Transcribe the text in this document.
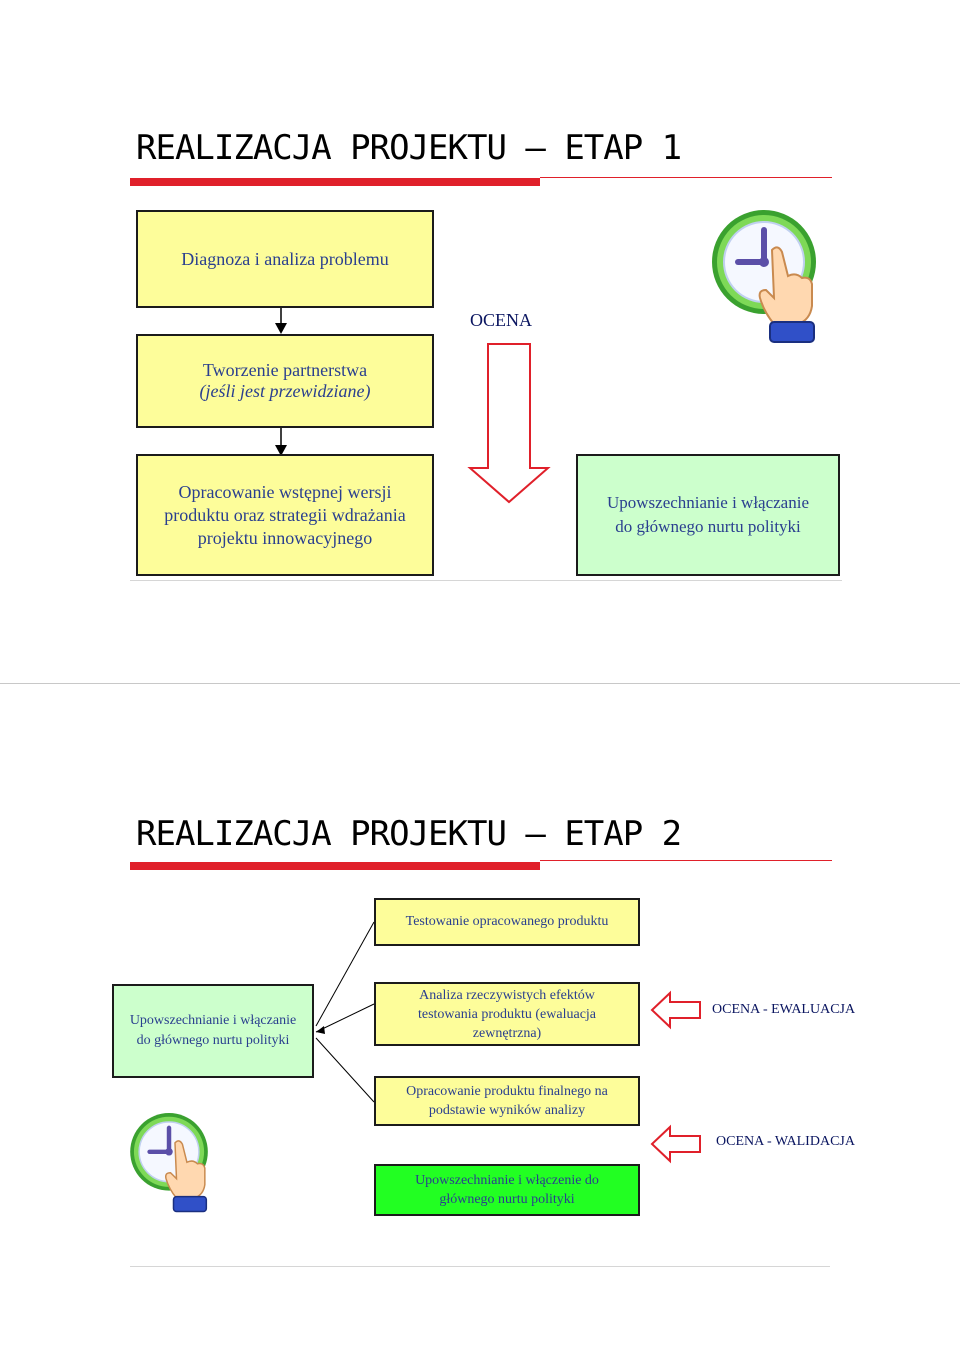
REALIZACJA PROJEKTU – ETAP 1
Diagnoza i analiza problemu
Tworzenie partnerstwa
(jeśli jest przewidziane)
Opracowanie wstępnej wersji
produktu oraz strategii wdrażania
projektu innowacyjnego
OCENA
Upowszechnianie i włączanie
do głównego nurtu polityki
REALIZACJA PROJEKTU – ETAP 2
Testowanie opracowanego produktu
Upowszechnianie i włączanie
do głównego nurtu polityki
Analiza rzeczywistych efektów
testowania produktu (ewaluacja
zewnętrzna)
Opracowanie produktu finalnego na
podstawie wyników analizy
Upowszechnianie i włączenie do
głównego nurtu polityki
OCENA - EWALUACJA
OCENA - WALIDACJA
